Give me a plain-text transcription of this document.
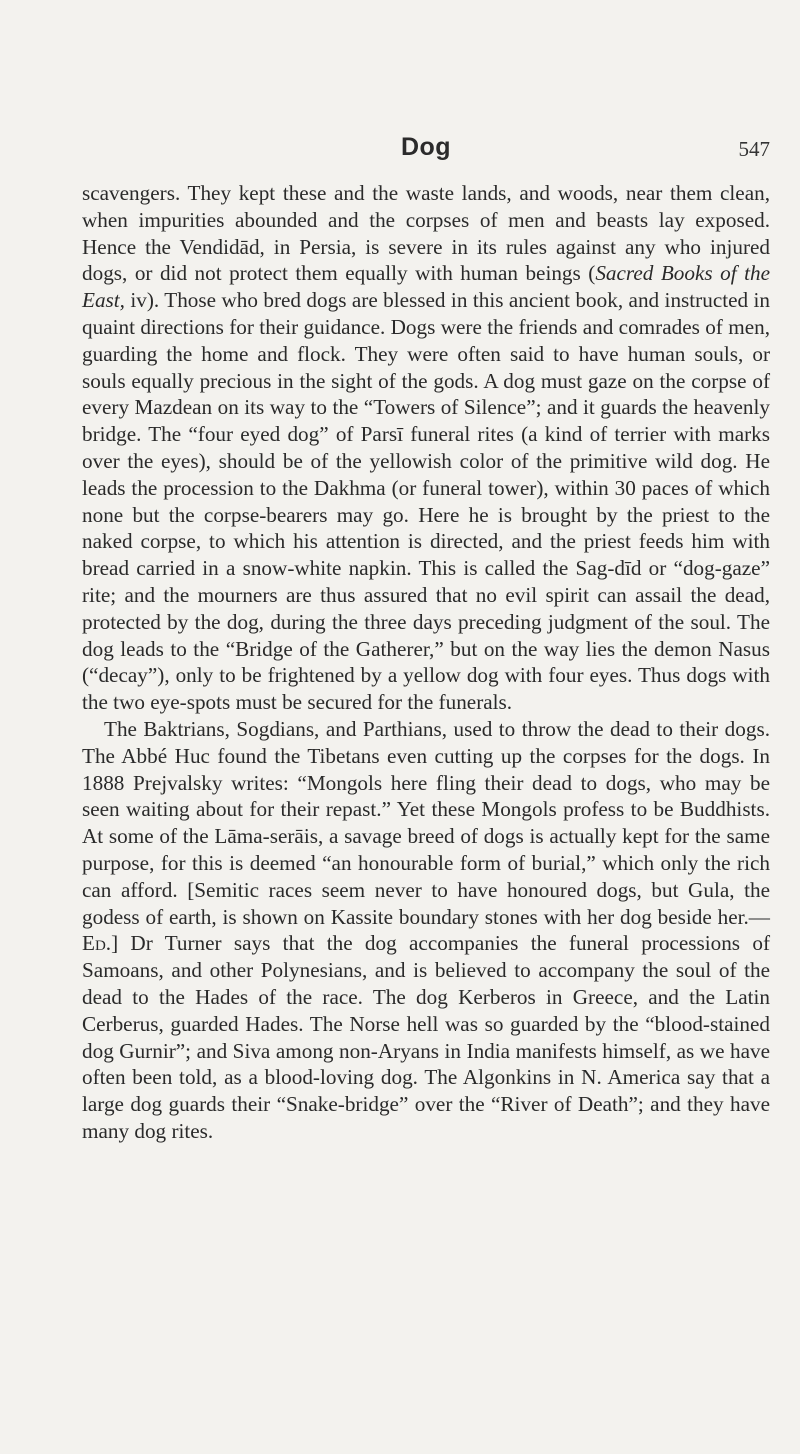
Dog	547

scavengers. They kept these and the waste lands, and woods, near them clean, when impurities abounded and the corpses of men and beasts lay exposed. Hence the Vendidād, in Persia, is severe in its rules against any who injured dogs, or did not protect them equally with human beings (Sacred Books of the East, iv). Those who bred dogs are blessed in this ancient book, and instructed in quaint directions for their guidance. Dogs were the friends and comrades of men, guarding the home and flock. They were often said to have human souls, or souls equally precious in the sight of the gods. A dog must gaze on the corpse of every Mazdean on its way to the “Towers of Silence”; and it guards the heavenly bridge. The “four eyed dog” of Parsī funeral rites (a kind of terrier with marks over the eyes), should be of the yellowish color of the primitive wild dog. He leads the procession to the Dakhma (or funeral tower), within 30 paces of which none but the corpse-bearers may go. Here he is brought by the priest to the naked corpse, to which his attention is directed, and the priest feeds him with bread carried in a snow-white napkin. This is called the Sag-dīd or “dog-gaze” rite; and the mourners are thus assured that no evil spirit can assail the dead, protected by the dog, during the three days preceding judgment of the soul. The dog leads to the “Bridge of the Gatherer,” but on the way lies the demon Nasus (“decay”), only to be frightened by a yellow dog with four eyes. Thus dogs with the two eye-spots must be secured for the funerals.

The Baktrians, Sogdians, and Parthians, used to throw the dead to their dogs. The Abbé Huc found the Tibetans even cutting up the corpses for the dogs. In 1888 Prejvalsky writes: “Mongols here fling their dead to dogs, who may be seen waiting about for their repast.” Yet these Mongols profess to be Buddhists. At some of the Lāma-serāis, a savage breed of dogs is actually kept for the same purpose, for this is deemed “an honourable form of burial,” which only the rich can afford. [Semitic races seem never to have honoured dogs, but Gula, the godess of earth, is shown on Kassite boundary stones with her dog beside her.—Ed.] Dr Turner says that the dog accompanies the funeral processions of Samoans, and other Polynesians, and is believed to accompany the soul of the dead to the Hades of the race. The dog Kerberos in Greece, and the Latin Cerberus, guarded Hades. The Norse hell was so guarded by the “blood-stained dog Gurnir”; and Siva among non-Aryans in India manifests himself, as we have often been told, as a blood-loving dog. The Algonkins in N. America say that a large dog guards their “Snake-bridge” over the “River of Death”; and they have many dog rites.
